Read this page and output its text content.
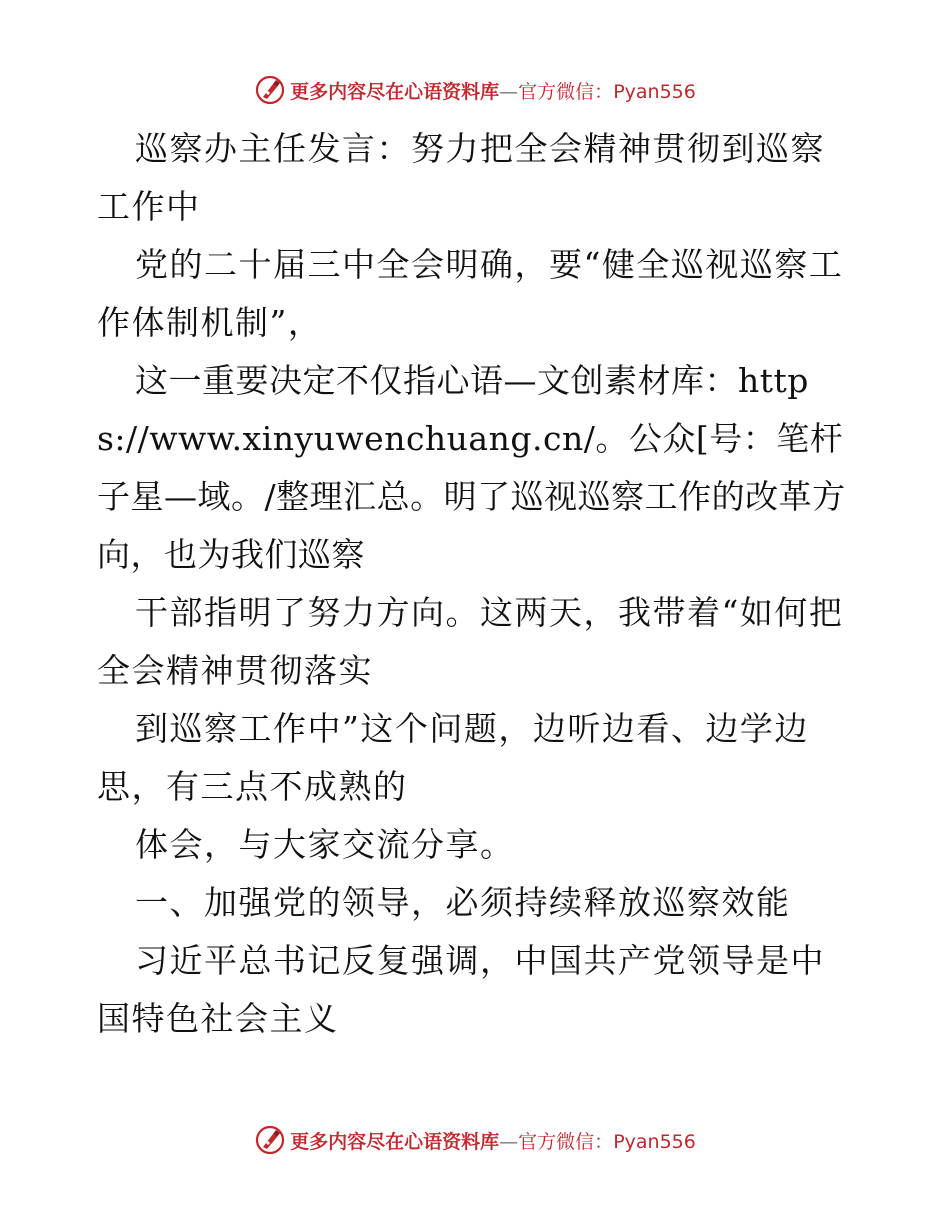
更多内容尽在心语资料库—官方微信：Pyan556

巡察办主任发言：努力把全会精神贯彻到巡察工作中

党的二十届三中全会明确，要“健全巡视巡察工作体制机制”，

这一重要决定不仅指心语—文创素材库：https://www.xinyuwenchuang.cn/。公众[号：笔杆子星—域。/整理汇总。明了巡视巡察工作的改革方向，也为我们巡察

干部指明了努力方向。这两天，我带着“如何把全会精神贯彻落实

到巡察工作中”这个问题，边听边看、边学边思，有三点不成熟的

体会，与大家交流分享。

一、加强党的领导，必须持续释放巡察效能

习近平总书记反复强调，中国共产党领导是中国特色社会主义

更多内容尽在心语资料库—官方微信：Pyan556
